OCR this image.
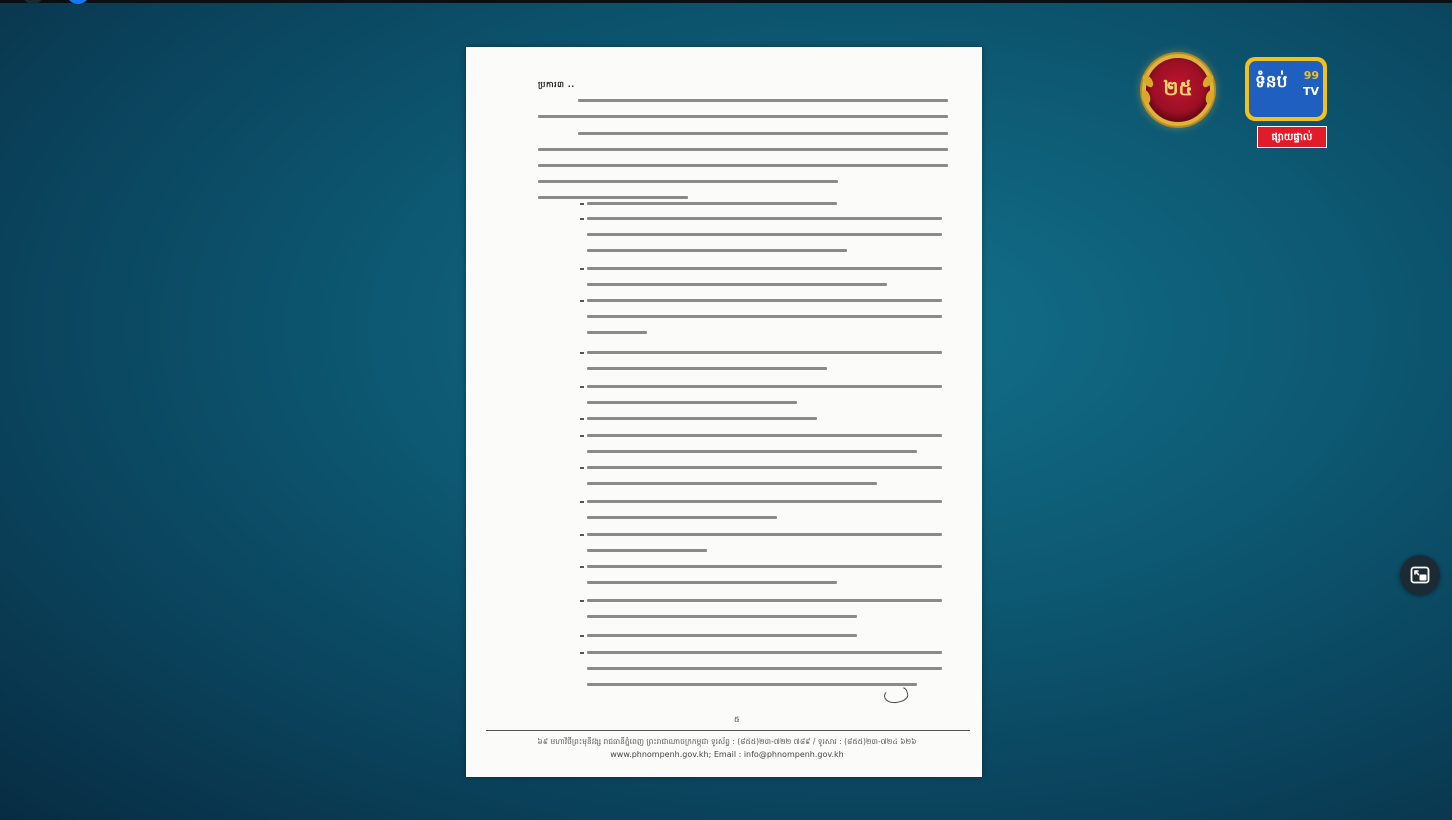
ប្រការ៣ ..
៥
៦៩ មហាវិថីព្រះមុនីវង្ស រាជធានីភ្នំពេញ ព្រះរាជាណាចក្រកម្ពុជា ទូរស័ព្ទ : (៨៥៥)២៣-៧២២ ៧៨៩ / ទូរសារ : (៨៥៥)២៣-៧២៤ ៦២៦
www.phnompenh.gov.kh; Email : info@phnompenh.gov.kh
២៥	ទំនប់ 99
TV
ផ្សាយផ្ទាល់
